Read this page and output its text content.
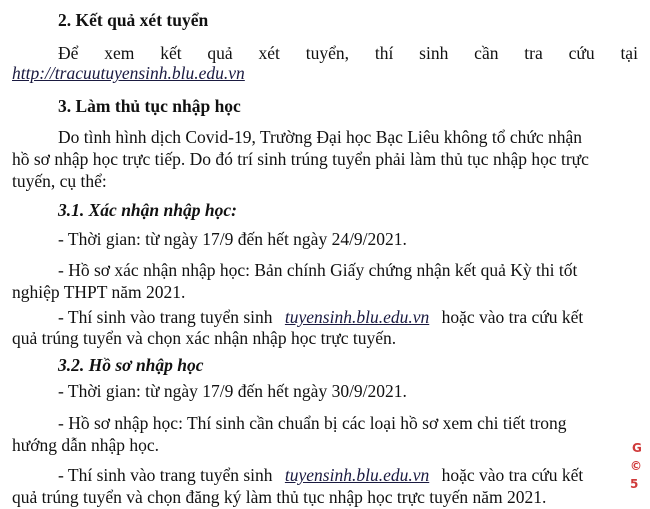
2. Kết quả xét tuyển
Để xem kết quả xét tuyển, thí sinh cần tra cứu tại
http://tracuutuyensinh.blu.edu.vn
3. Làm thủ tục nhập học
Do tình hình dịch Covid-19, Trường Đại học Bạc Liêu không tổ chức nhận
hồ sơ nhập học trực tiếp. Do đó trí sinh trúng tuyển phải làm thủ tục nhập học trực
tuyến, cụ thể:
3.1. Xác nhận nhập học:
- Thời gian: từ ngày 17/9 đến hết ngày 24/9/2021.
- Hồ sơ xác nhận nhập học: Bản chính Giấy chứng nhận kết quả Kỳ thi tốt
nghiệp THPT năm 2021.
- Thí sinh vào trang tuyển sinh tuyensinh.blu.edu.vn hoặc vào tra cứu kết
quả trúng tuyển và chọn xác nhận nhập học trực tuyến.
3.2. Hồ sơ nhập học
- Thời gian: từ ngày 17/9 đến hết ngày 30/9/2021.
- Hồ sơ nhập học: Thí sinh cần chuẩn bị các loại hồ sơ xem chi tiết trong
hướng dẫn nhập học.
- Thí sinh vào trang tuyển sinh tuyensinh.blu.edu.vn hoặc vào tra cứu kết
quả trúng tuyển và chọn đăng ký làm thủ tục nhập học trực tuyến năm 2021.
G
©
5
